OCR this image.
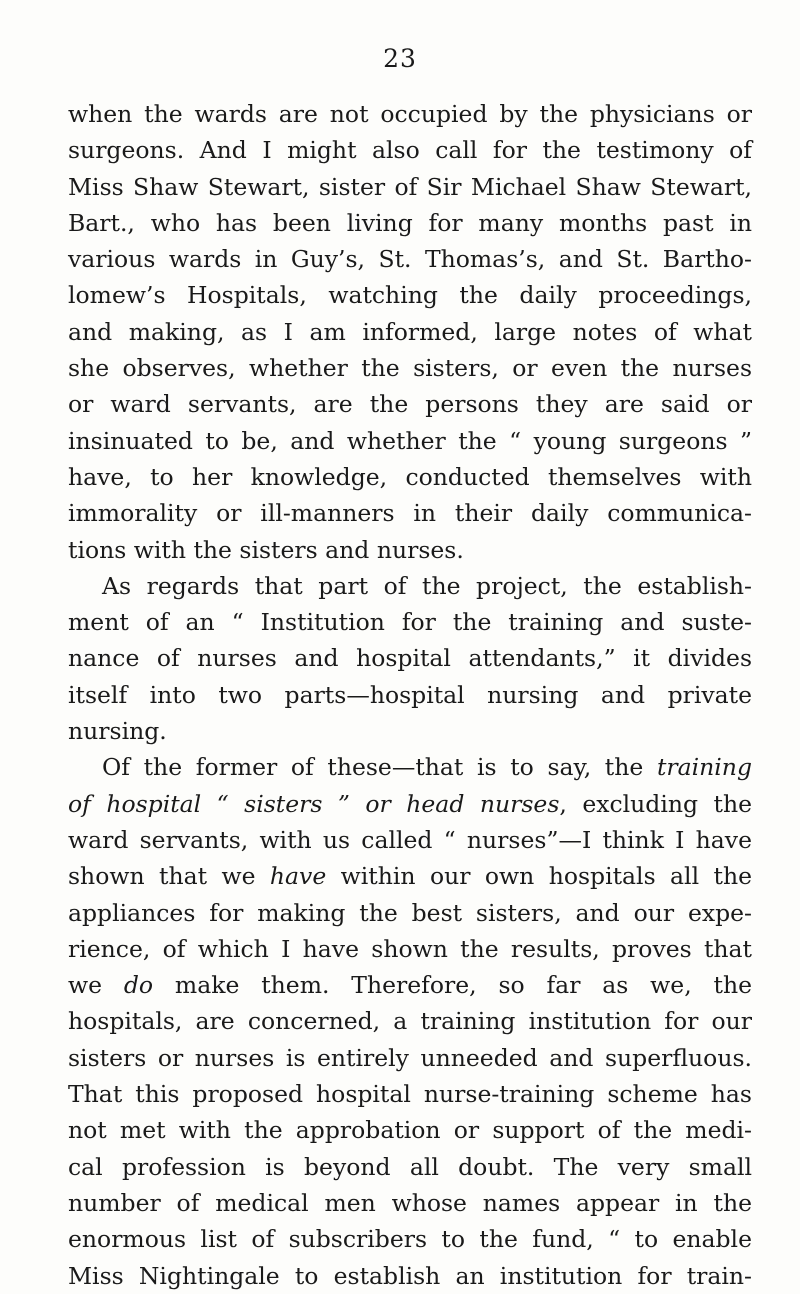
23
when the wards are not occupied by the physicians or
surgeons. And I might also call for the testimony of
Miss Shaw Stewart, sister of Sir Michael Shaw Stewart,
Bart., who has been living for many months past in
various wards in Guy’s, St. Thomas’s, and St. Bartho-
lomew’s Hospitals, watching the daily proceedings,
and making, as I am informed, large notes of what
she observes, whether the sisters, or even the nurses
or ward servants, are the persons they are said or
insinuated to be, and whether the “ young surgeons ”
have, to her knowledge, conducted themselves with
immorality or ill-manners in their daily communica-
tions with the sisters and nurses.
As regards that part of the project, the establish-
ment of an “ Institution for the training and suste-
nance of nurses and hospital attendants,” it divides
itself into two parts—hospital nursing and private
nursing.
Of the former of these—that is to say, the training
of hospital “ sisters ” or head nurses, excluding the
ward servants, with us called “ nurses”—I think I have
shown that we have within our own hospitals all the
appliances for making the best sisters, and our expe-
rience, of which I have shown the results, proves that
we do make them. Therefore, so far as we, the
hospitals, are concerned, a training institution for our
sisters or nurses is entirely unneeded and superfluous.
That this proposed hospital nurse-training scheme has
not met with the approbation or support of the medi-
cal profession is beyond all doubt. The very small
number of medical men whose names appear in the
enormous list of subscribers to the fund, “ to enable
Miss Nightingale to establish an institution for train-
